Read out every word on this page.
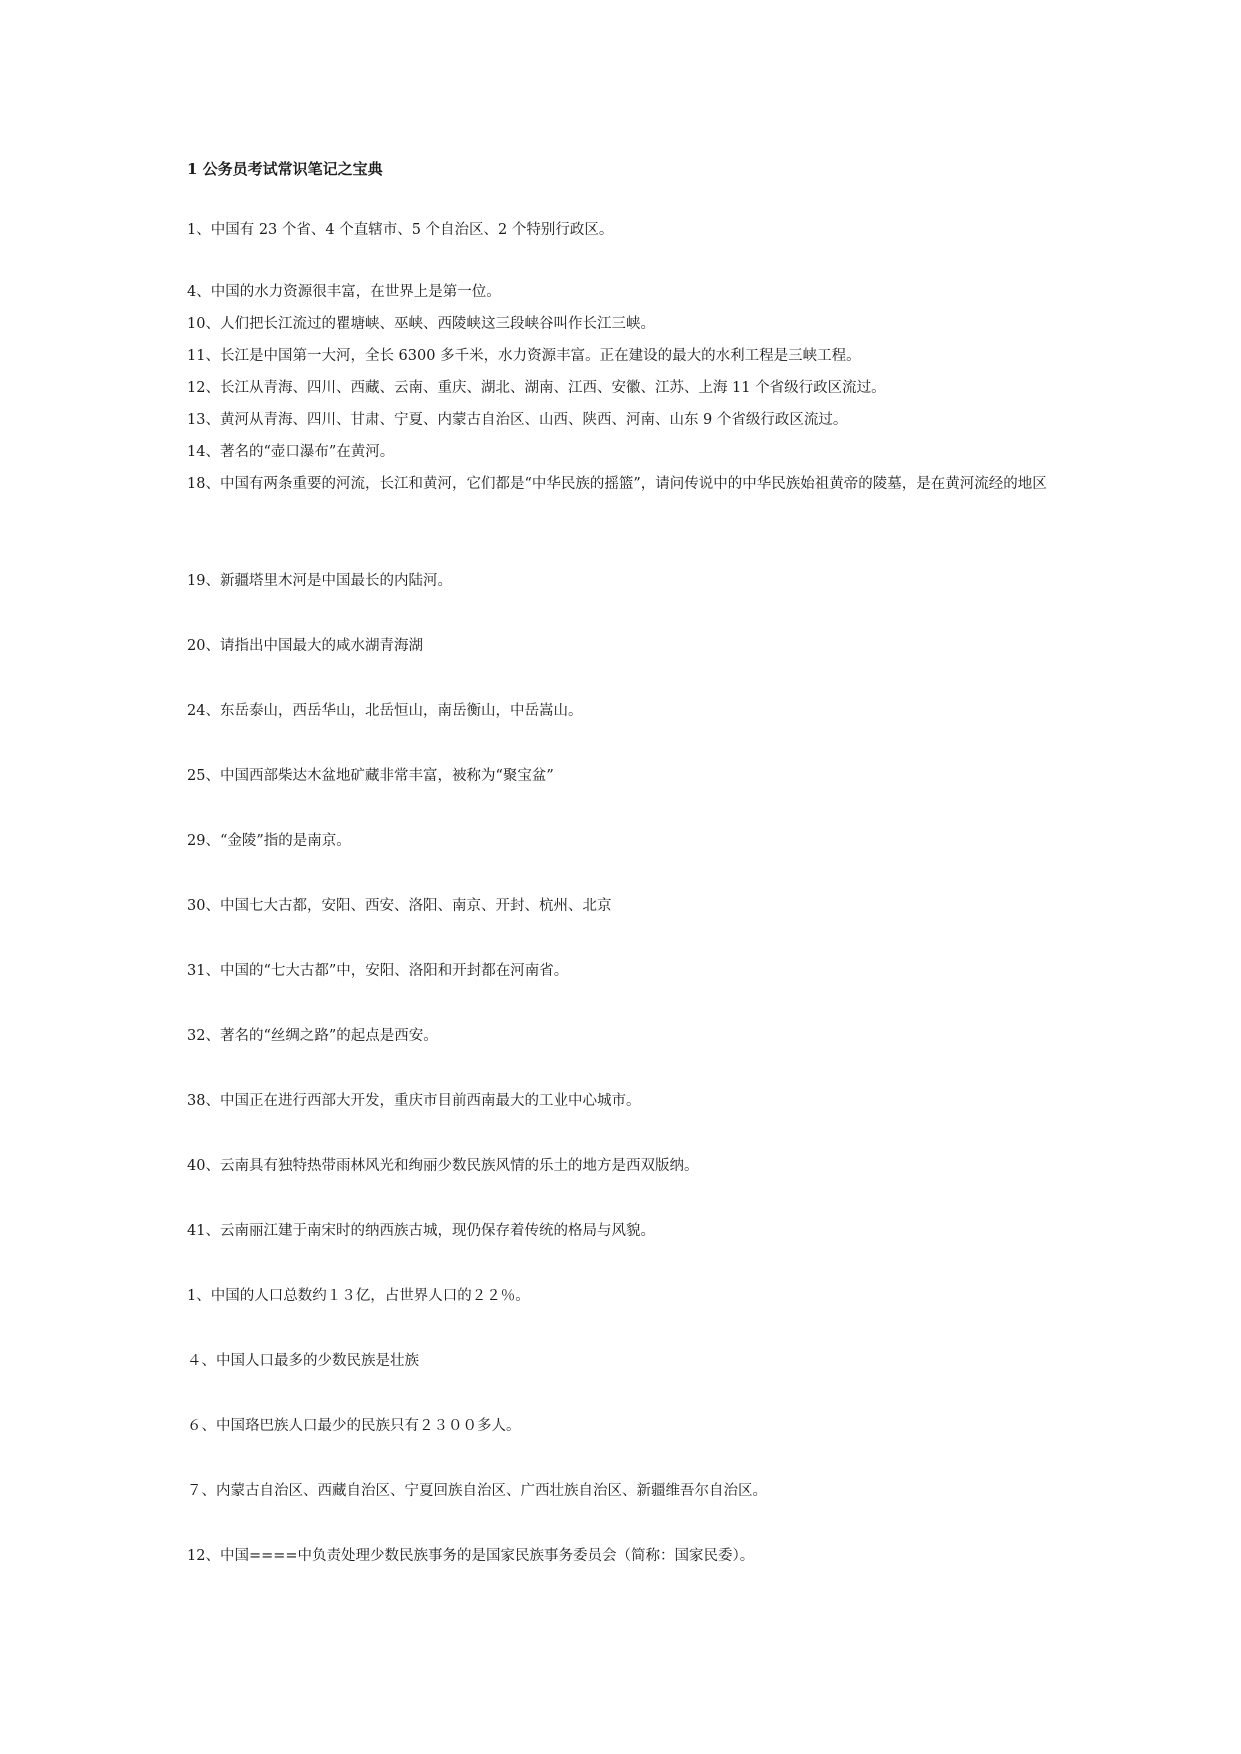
1 公务员考试常识笔记之宝典
1、中国有 23 个省、4 个直辖市、5 个自治区、2 个特别行政区。
4、中国的水力资源很丰富，在世界上是第一位。
10、人们把长江流过的瞿塘峡、巫峡、西陵峡这三段峡谷叫作长江三峡。
11、长江是中国第一大河，全长 6300 多千米，水力资源丰富。正在建设的最大的水利工程是三峡工程。
12、长江从青海、四川、西藏、云南、重庆、湖北、湖南、江西、安徽、江苏、上海 11 个省级行政区流过。
13、黄河从青海、四川、甘肃、宁夏、内蒙古自治区、山西、陕西、河南、山东 9 个省级行政区流过。
14、著名的“壶口瀑布”在黄河。
18、中国有两条重要的河流，长江和黄河，它们都是“中华民族的摇篮”，请问传说中的中华民族始祖黄帝的陵墓，是在黄河流经的地区
19、新疆塔里木河是中国最长的内陆河。
20、请指出中国最大的咸水湖青海湖
24、东岳泰山，西岳华山，北岳恒山，南岳衡山，中岳嵩山。
25、中国西部柴达木盆地矿藏非常丰富，被称为“聚宝盆”
29、“金陵”指的是南京。
30、中国七大古都，安阳、西安、洛阳、南京、开封、杭州、北京
31、中国的“七大古都”中，安阳、洛阳和开封都在河南省。
32、著名的“丝绸之路”的起点是西安。
38、中国正在进行西部大开发，重庆市目前西南最大的工业中心城市。
40、云南具有独特热带雨林风光和绚丽少数民族风情的乐土的地方是西双版纳。
41、云南丽江建于南宋时的纳西族古城，现仍保存着传统的格局与风貌。
1、中国的人口总数约１３亿，占世界人口的２２％。
４、中国人口最多的少数民族是壮族
６、中国珞巴族人口最少的民族只有２３００多人。
７、内蒙古自治区、西藏自治区、宁夏回族自治区、广西壮族自治区、新疆维吾尔自治区。
12、中国====中负责处理少数民族事务的是国家民族事务委员会（简称：国家民委）。
